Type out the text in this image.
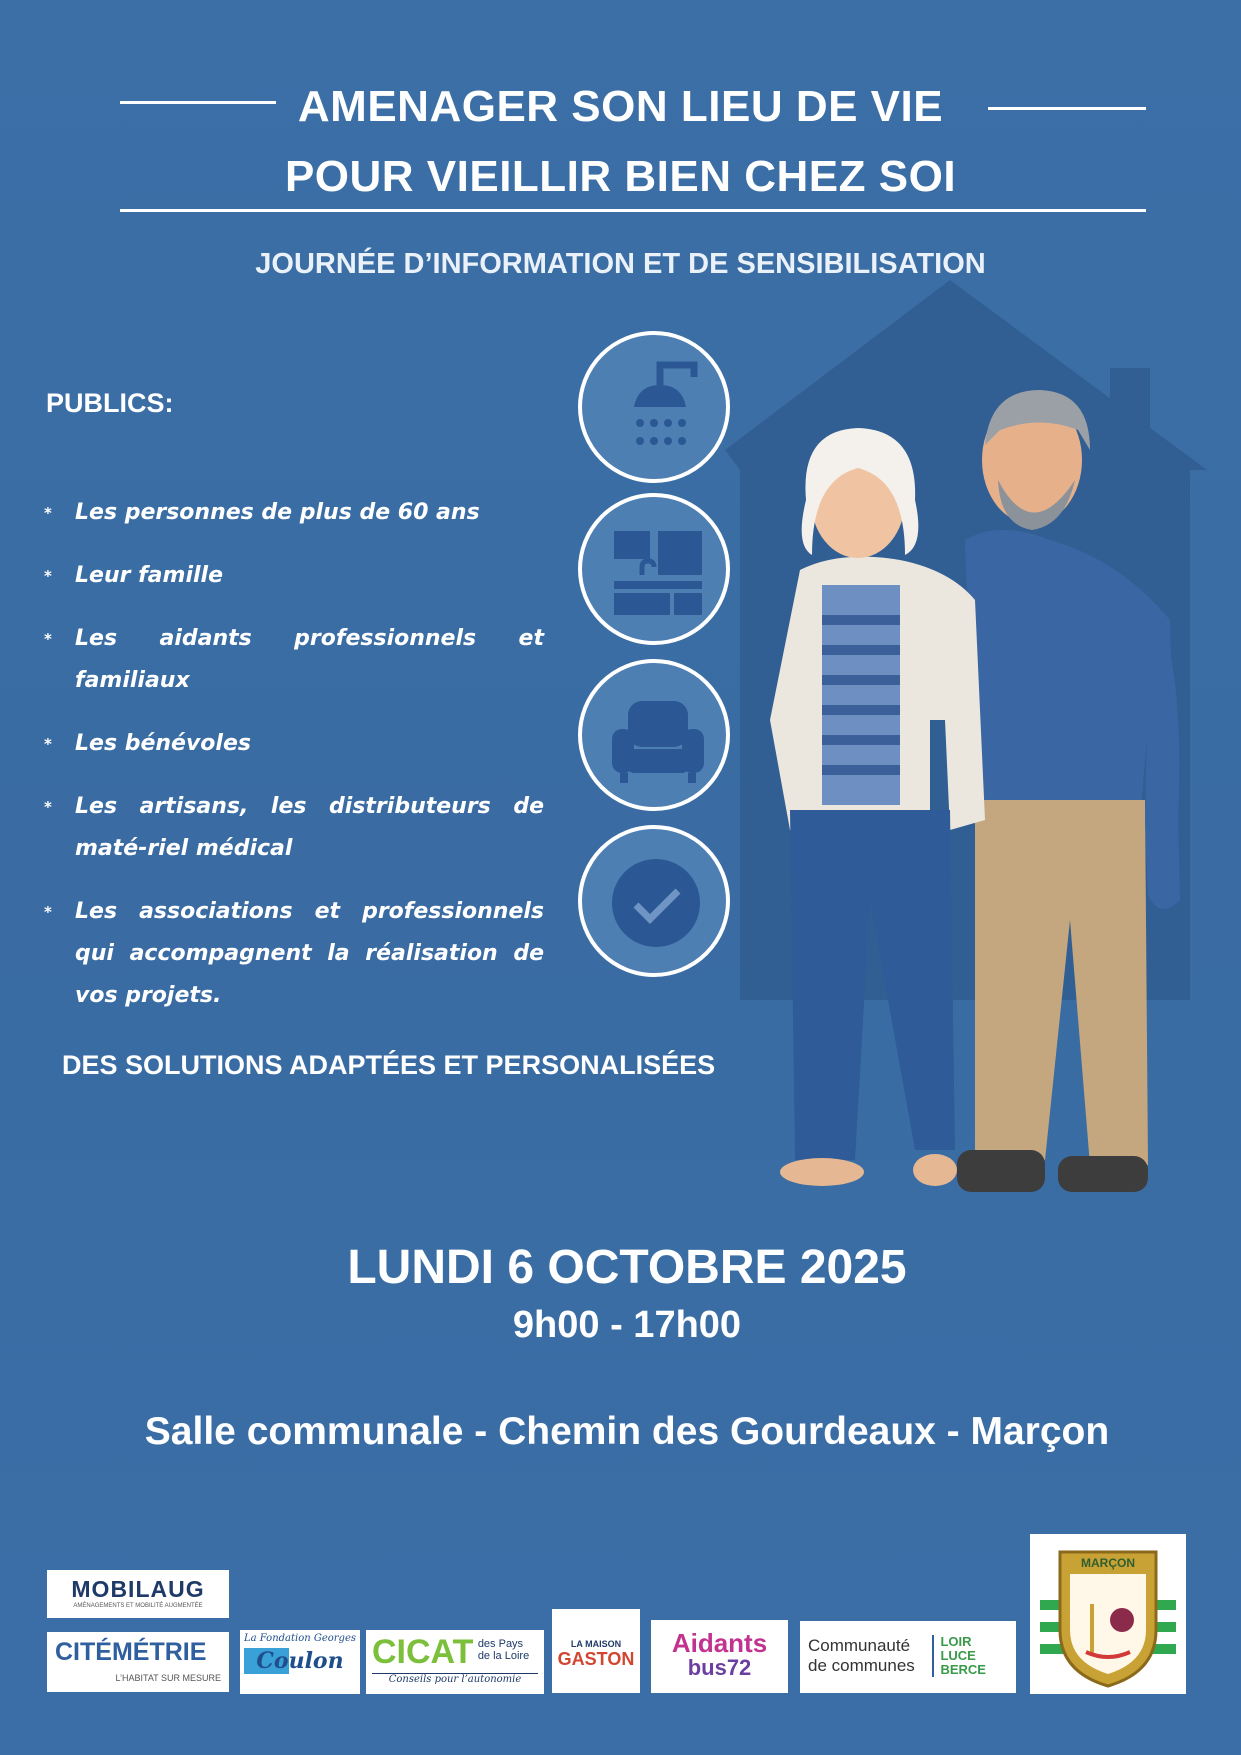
AMENAGER SON LIEU DE VIE
POUR VIEILLIR BIEN CHEZ SOI
JOURNÉE D’INFORMATION ET DE SENSIBILISATION
PUBLICS:
* Les personnes de plus de 60 ans
* Leur famille
* Les aidants professionnels et familiaux
* Les bénévoles
* Les artisans, les distributeurs de maté-riel médical
* Les associations et professionnels qui accompagnent la réalisation de vos projets.
DES SOLUTIONS ADAPTÉES ET PERSONALISÉES
LUNDI 6 OCTOBRE 2025
9h00 - 17h00
Salle communale - Chemin des Gourdeaux - Marçon
MOBILAUG
AMÉNAGEMENTS ET MOBILITÉ AUGMENTÉE
CITÉMÉTRIE
L’HABITAT SUR MESURE
La Fondation Georges
Coulon CICAT des Pays de la Loire
Conseils pour l’autonomie
LA MAISON
GASTON
Aidants
bus72
Communauté
de communes
LOIR LUCE BERCE
MARÇON
